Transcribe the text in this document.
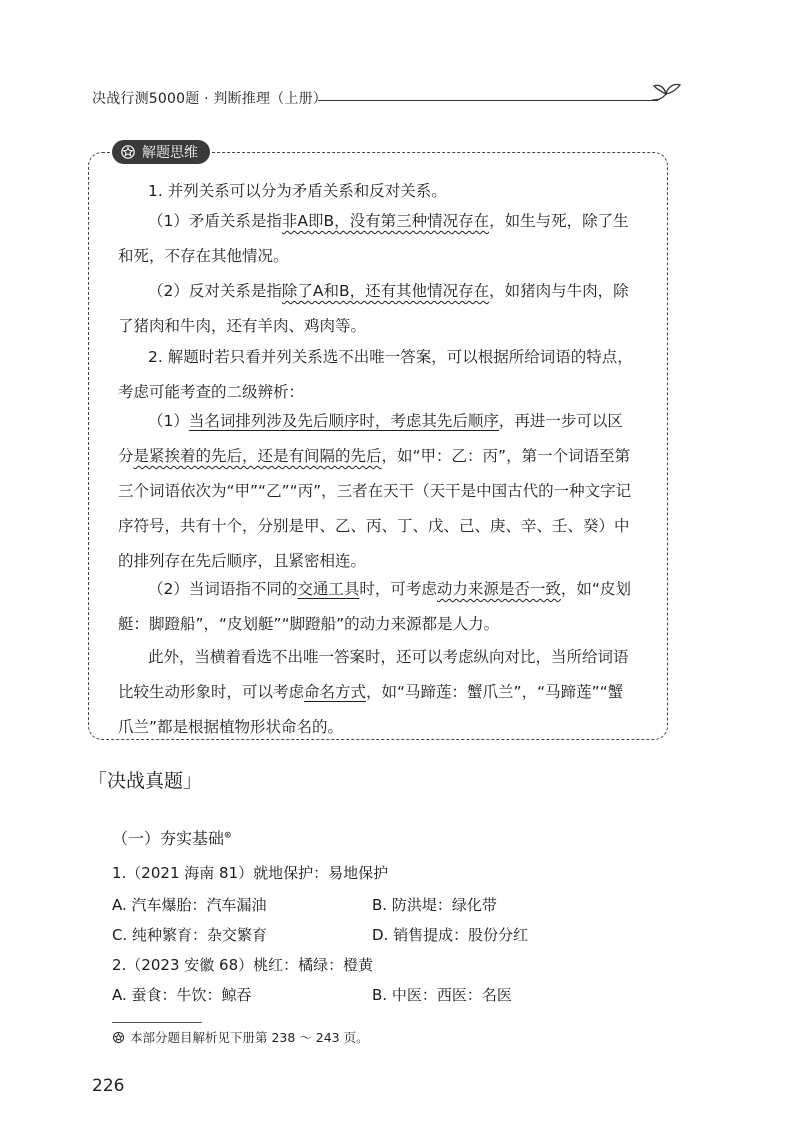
决战行测5000题 · 判断推理（上册）
解题思维
1. 并列关系可以分为矛盾关系和反对关系。
（1）矛盾关系是指非A即B，没有第三种情况存在，如生与死，除了生和死，不存在其他情况。
（2）反对关系是指除了A和B，还有其他情况存在，如猪肉与牛肉，除了猪肉和牛肉，还有羊肉、鸡肉等。
2. 解题时若只看并列关系选不出唯一答案，可以根据所给词语的特点，考虑可能考查的二级辨析：
（1）当名词排列涉及先后顺序时，考虑其先后顺序，再进一步可以区分是紧挨着的先后，还是有间隔的先后，如“甲：乙：丙”，第一个词语至第三个词语依次为“甲”“乙”“丙”，三者在天干（天干是中国古代的一种文字记序符号，共有十个，分别是甲、乙、丙、丁、戊、己、庚、辛、壬、癸）中的排列存在先后顺序，且紧密相连。
（2）当词语指不同的交通工具时，可考虑动力来源是否一致，如“皮划艇：脚蹬船”，“皮划艇”“脚蹬船”的动力来源都是人力。
此外，当横着看选不出唯一答案时，还可以考虑纵向对比，当所给词语比较生动形象时，可以考虑命名方式，如“马蹄莲：蟹爪兰”，“马蹄莲”“蟹爪兰”都是根据植物形状命名的。
「决战真题」
（一）夯实基础⊛
1.（2021 海南 81）就地保护：易地保护
A. 汽车爆胎：汽车漏油	B. 防洪堤：绿化带
C. 纯种繁育：杂交繁育	D. 销售提成：股份分红
2.（2023 安徽 68）桃红：橘绿：橙黄
A. 蚕食：牛饮：鲸吞	B. 中医：西医：名医
本部分题目解析见下册第 238 ～ 243 页。
226
